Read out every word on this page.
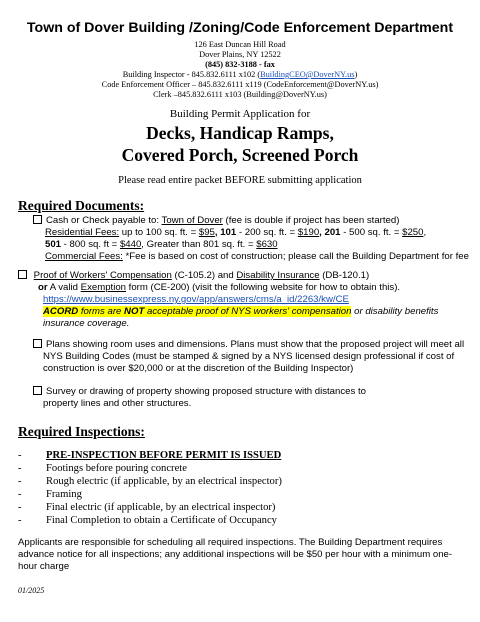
Town of Dover Building /Zoning/Code Enforcement Department
126 East Duncan Hill Road
Dover Plains, NY 12522
(845) 832-3188 - fax
Building Inspector - 845.832.6111 x102 (BuildingCEO@DoverNY.us)
Code Enforcement Officer – 845.832.6111 x119 (CodeEnforcement@DoverNY.us)
Clerk –845.832.6111 x103 (Building@DoverNY.us)
Building Permit Application for
Decks, Handicap Ramps,
Covered Porch, Screened Porch
Please read entire packet BEFORE submitting application
Required Documents:
Cash or Check payable to: Town of Dover (fee is double if project has been started)
Residential Fees: up to 100 sq. ft. = $95, 101 - 200 sq. ft. = $190, 201 - 500 sq. ft. = $250,
501 - 800 sq. ft = $440, Greater than 801 sq. ft. = $630
Commercial Fees: *Fee is based on cost of construction; please call the Building Department for fee
Proof of Workers' Compensation (C-105.2) and Disability Insurance (DB-120.1)
or A valid Exemption form (CE-200) (visit the following website for how to obtain this).
https://www.businessexpress.ny.gov/app/answers/cms/a_id/2263/kw/CE
ACORD forms are NOT acceptable proof of NYS workers' compensation or disability benefits
insurance coverage.
Plans showing room uses and dimensions. Plans must show that the proposed project will meet all
NYS Building Codes (must be stamped & signed by a NYS licensed design professional if cost of
construction is over $20,000 or at the discretion of the Building Inspector)
Survey or drawing of property showing proposed structure with distances to
property lines and other structures.
Required Inspections:
- PRE-INSPECTION BEFORE PERMIT IS ISSUED
- Footings before pouring concrete
- Rough electric (if applicable, by an electrical inspector)
- Framing
- Final electric (if applicable, by an electrical inspector)
- Final Completion to obtain a Certificate of Occupancy
Applicants are responsible for scheduling all required inspections. The Building Department requires
advance notice for all inspections; any additional inspections will be $50 per hour with a minimum one-
hour charge
01/2025
